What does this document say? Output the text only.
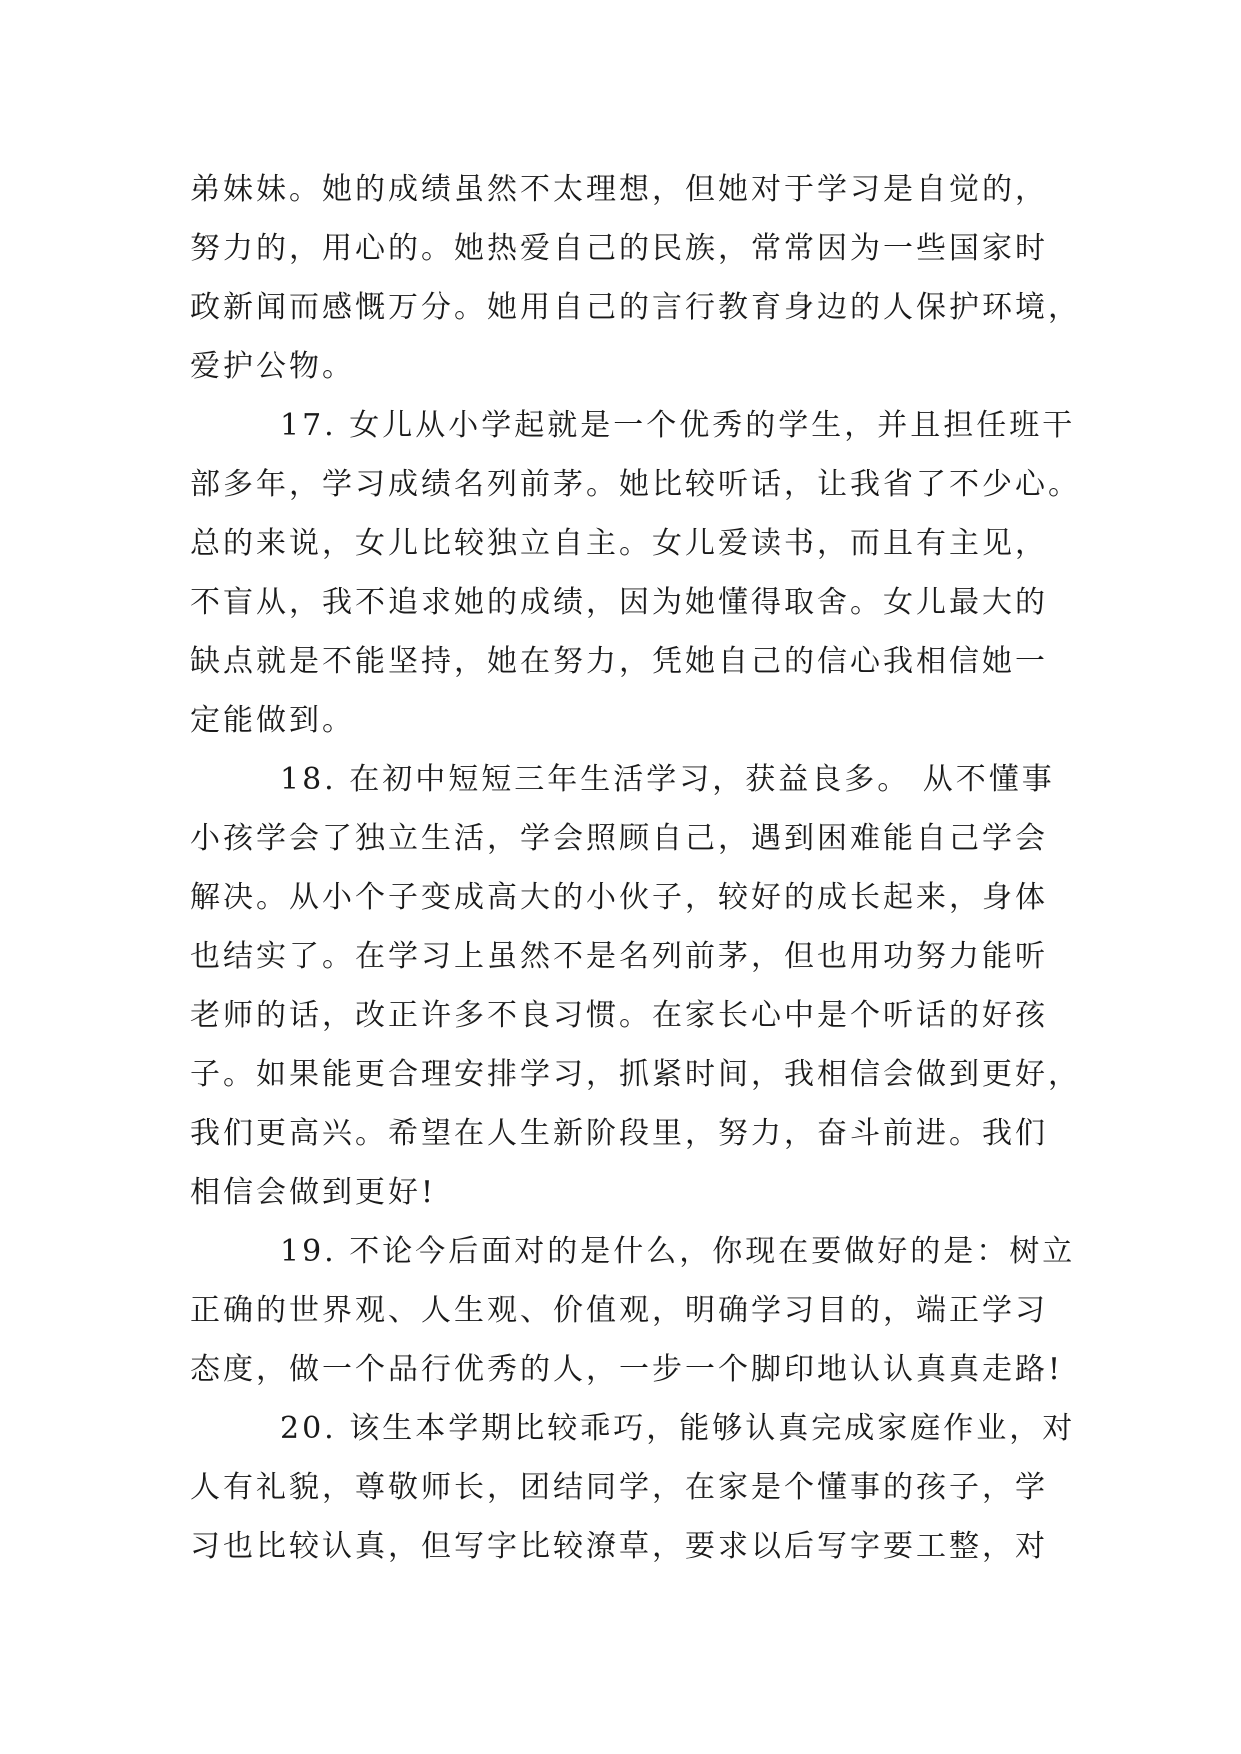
弟妹妹。她的成绩虽然不太理想，但她对于学习是自觉的，
努力的，用心的。她热爱自己的民族，常常因为一些国家时
政新闻而感慨万分。她用自己的言行教育身边的人保护环境，
爱护公物。
17. 女儿从小学起就是一个优秀的学生，并且担任班干
部多年，学习成绩名列前茅。她比较听话，让我省了不少心。
总的来说，女儿比较独立自主。女儿爱读书，而且有主见，
不盲从，我不追求她的成绩，因为她懂得取舍。女儿最大的
缺点就是不能坚持，她在努力，凭她自己的信心我相信她一
定能做到。
18. 在初中短短三年生活学习，获益良多。 从不懂事
小孩学会了独立生活，学会照顾自己，遇到困难能自己学会
解决。从小个子变成高大的小伙子，较好的成长起来，身体
也结实了。在学习上虽然不是名列前茅，但也用功努力能听
老师的话，改正许多不良习惯。在家长心中是个听话的好孩
子。如果能更合理安排学习，抓紧时间，我相信会做到更好，
我们更高兴。希望在人生新阶段里，努力，奋斗前进。我们
相信会做到更好!
19. 不论今后面对的是什么，你现在要做好的是：树立
正确的世界观、人生观、价值观，明确学习目的，端正学习
态度，做一个品行优秀的人，一步一个脚印地认认真真走路!
20. 该生本学期比较乖巧，能够认真完成家庭作业，对
人有礼貌，尊敬师长，团结同学，在家是个懂事的孩子，学
习也比较认真，但写字比较潦草，要求以后写字要工整，对
